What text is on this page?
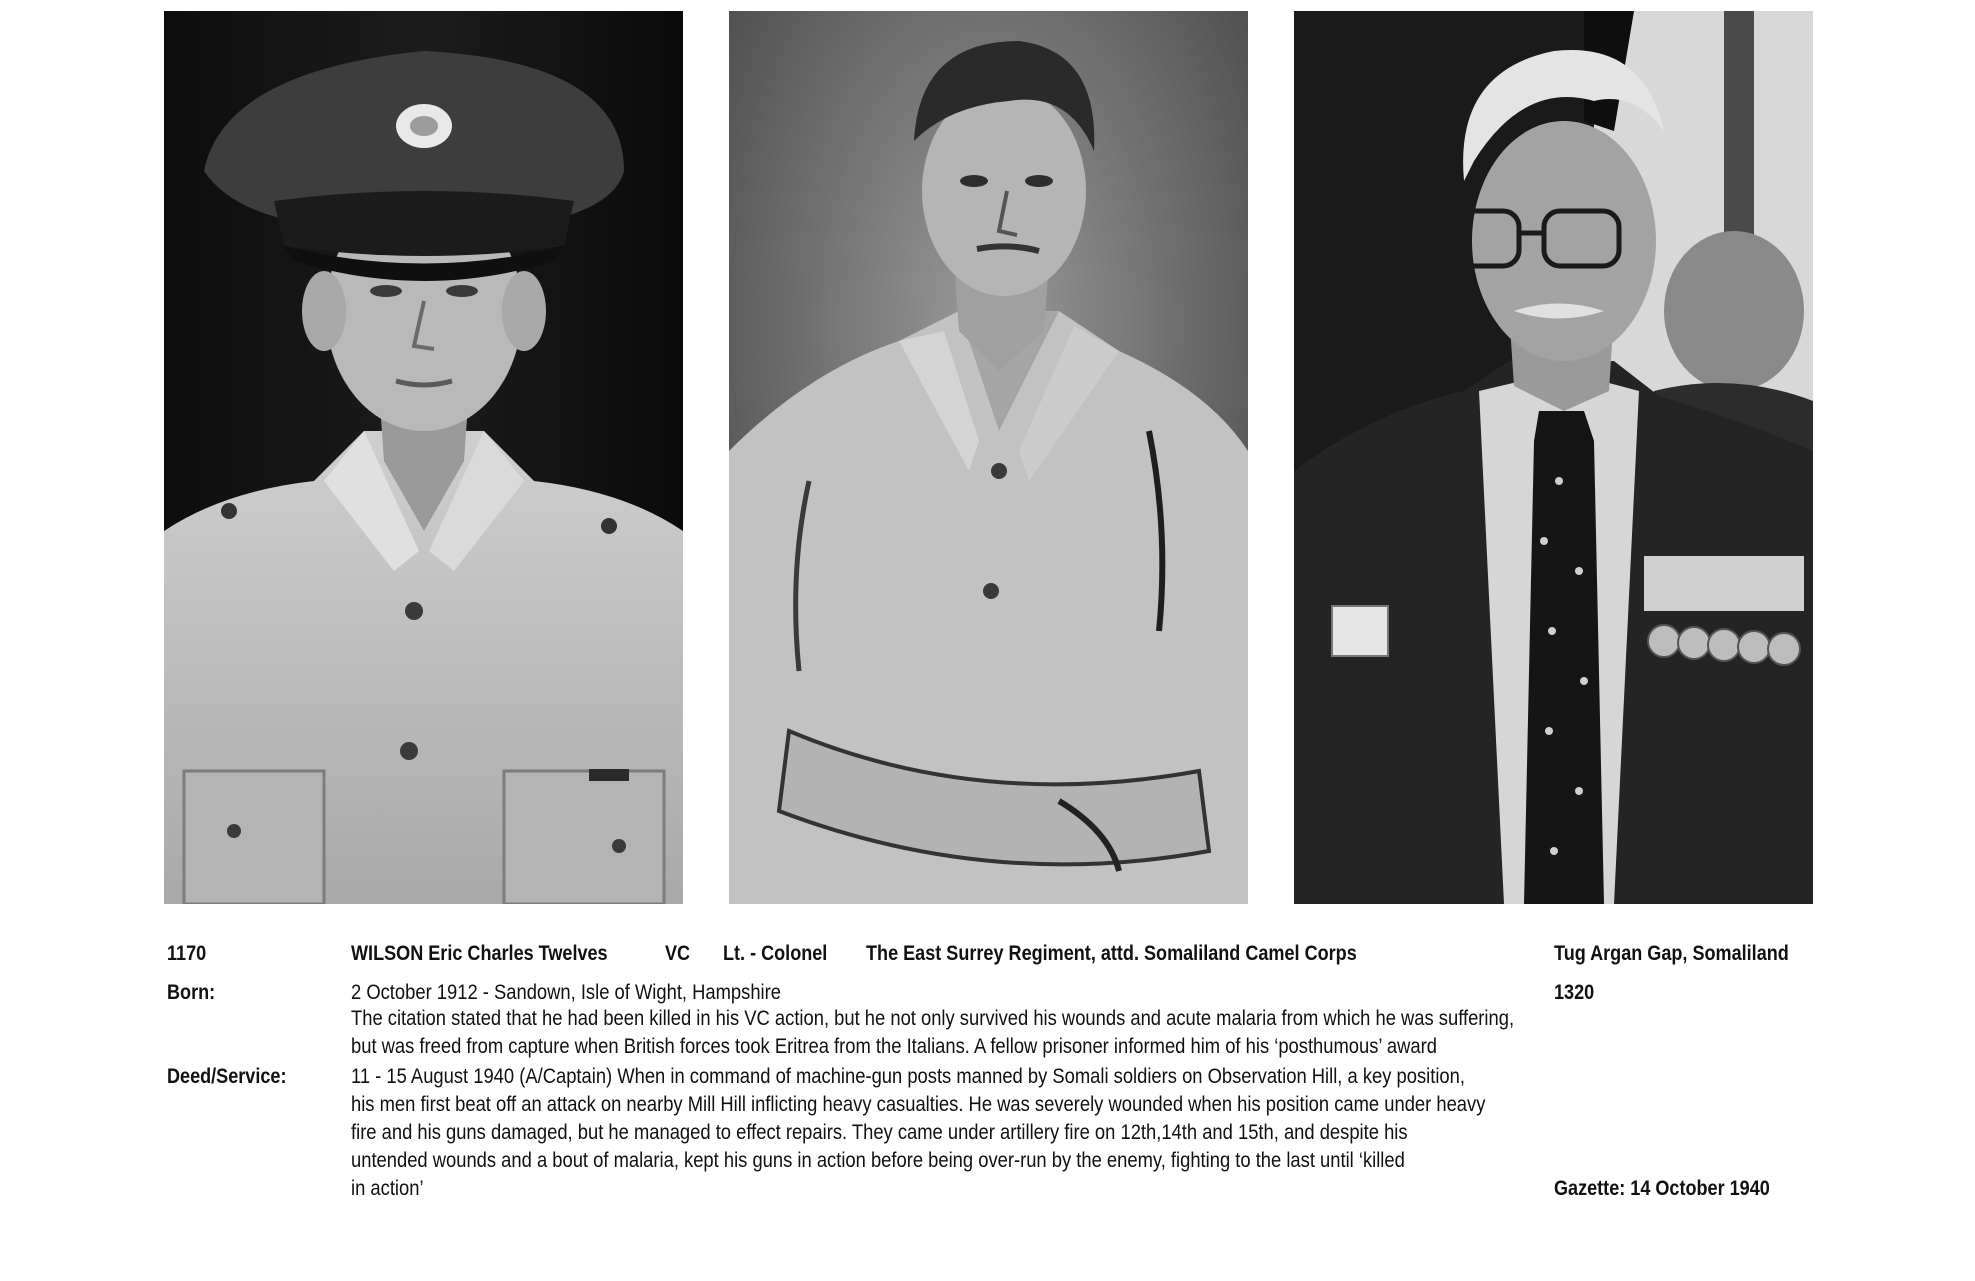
1170	WILSON Eric Charles Twelves	VC Lt. - Colonel The East Surrey Regiment, attd. Somaliland Camel Corps	Tug Argan Gap, Somaliland
Born:	2 October 1912 - Sandown, Isle of Wight, Hampshire	1320
The citation stated that he had been killed in his VC action, but he not only survived his wounds and acute malaria from which he was suffering,
but was freed from capture when British forces took Eritrea from the Italians. A fellow prisoner informed him of his ‘posthumous’ award
Deed/Service:	11 - 15 August 1940 (A/Captain) When in command of machine-gun posts manned by Somali soldiers on Observation Hill, a key position,
his men first beat off an attack on nearby Mill Hill inflicting heavy casualties. He was severely wounded when his position came under heavy
fire and his guns damaged, but he managed to effect repairs. They came under artillery fire on 12th,14th and 15th, and despite his
untended wounds and a bout of malaria, kept his guns in action before being over-run by the enemy, fighting to the last until ‘killed
in action’	Gazette: 14 October 1940
